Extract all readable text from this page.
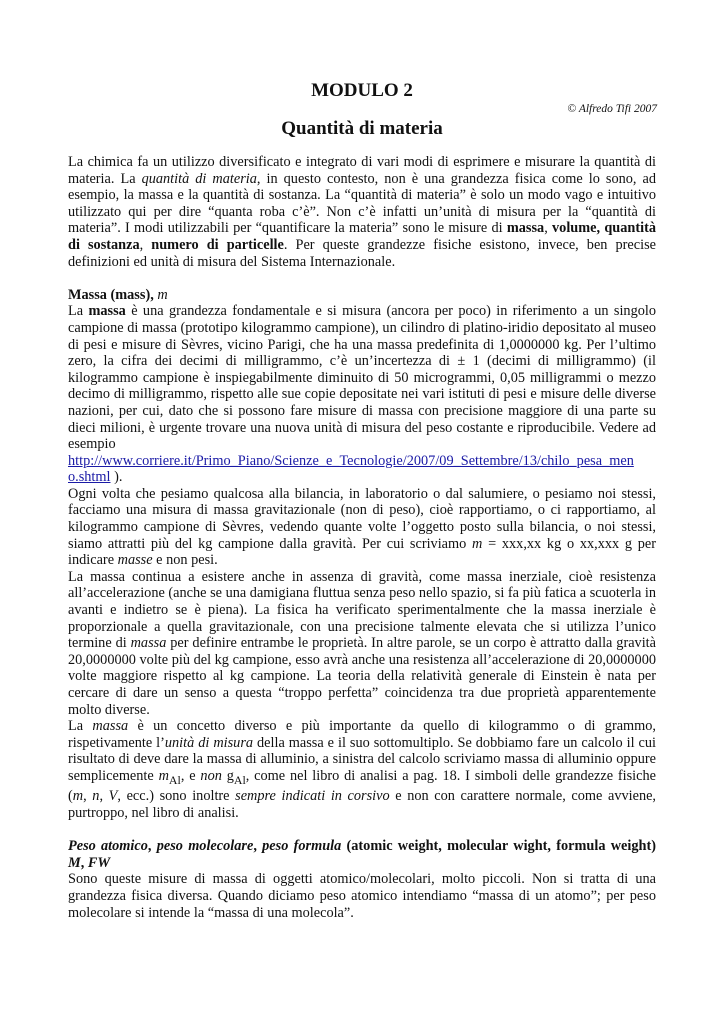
MODULO 2
© Alfredo Tifi 2007
Quantità di materia

La chimica fa un utilizzo diversificato e integrato di vari modi di esprimere e misurare la quantità di materia. La quantità di materia, in questo contesto, non è una grandezza fisica come lo sono, ad esempio, la massa e la quantità di sostanza. La “quantità di materia” è solo un modo vago e intuitivo utilizzato qui per dire “quanta roba c’è”. Non c’è infatti un’unità di misura per la “quantità di materia”. I modi utilizzabili per “quantificare la materia” sono le misure di massa, volume, quantità di sostanza, numero di particelle. Per queste grandezze fisiche esistono, invece, ben precise definizioni ed unità di misura del Sistema Internazionale.

Massa (mass), m

La massa è una grandezza fondamentale e si misura (ancora per poco) in riferimento a un singolo campione di massa (prototipo kilogrammo campione), un cilindro di platino-iridio depositato al museo di pesi e misure di Sèvres, vicino Parigi, che ha una massa predefinita di 1,0000000 kg. Per l’ultimo zero, la cifra dei decimi di milligrammo, c’è un’incertezza di ± 1 (decimi di milligrammo) (il kilogrammo campione è inspiegabilmente diminuito di 50 microgrammi, 0,05 milligrammi o mezzo decimo di milligrammo, rispetto alle sue copie depositate nei vari istituti di pesi e misure delle diverse nazioni, per cui, dato che si possono fare misure di massa con precisione maggiore di una parte su dieci milioni, è urgente trovare una nuova unità di misura del peso costante e riproducibile. Vedere ad esempio

http://www.corriere.it/Primo_Piano/Scienze_e_Tecnologie/2007/09_Settembre/13/chilo_pesa_men
o.shtml ).

Ogni volta che pesiamo qualcosa alla bilancia, in laboratorio o dal salumiere, o pesiamo noi stessi, facciamo una misura di massa gravitazionale (non di peso), cioè rapportiamo, o ci rapportiamo, al kilogrammo campione di Sèvres, vedendo quante volte l’oggetto posto sulla bilancia, o noi stessi, siamo attratti più del kg campione dalla gravità. Per cui scriviamo m = xxx,xx kg o xx,xxx g per indicare masse e non pesi.

La massa continua a esistere anche in assenza di gravità, come massa inerziale, cioè resistenza all’accelerazione (anche se una damigiana fluttua senza peso nello spazio, si fa più fatica a scuoterla in avanti e indietro se è piena). La fisica ha verificato sperimentalmente che la massa inerziale è proporzionale a quella gravitazionale, con una precisione talmente elevata che si utilizza l’unico termine di massa per definire entrambe le proprietà. In altre parole, se un corpo è attratto dalla gravità 20,0000000 volte più del kg campione, esso avrà anche una resistenza all’accelerazione di 20,0000000 volte maggiore rispetto al kg campione. La teoria della relatività generale di Einstein è nata per cercare di dare un senso a questa “troppo perfetta” coincidenza tra due proprietà apparentemente molto diverse.

La massa è un concetto diverso e più importante da quello di kilogrammo o di grammo, rispetivamente l’unità di misura della massa e il suo sottomultiplo. Se dobbiamo fare un calcolo il cui risultato di deve dare la massa di alluminio, a sinistra del calcolo scriviamo massa di alluminio oppure semplicemente $m_{Al}$, e non $g_{Al}$, come nel libro di analisi a pag. 18. I simboli delle grandezze fisiche (m, n, V, ecc.) sono inoltre sempre indicati in corsivo e non con carattere normale, come avviene, purtroppo, nel libro di analisi.

Peso atomico, peso molecolare, peso formula (atomic weight, molecular wight, formula weight) M, FW

Sono queste misure di massa di oggetti atomico/molecolari, molto piccoli. Non si tratta di una grandezza fisica diversa. Quando diciamo peso atomico intendiamo “massa di un atomo”; per peso molecolare si intende la “massa di una molecola”.
